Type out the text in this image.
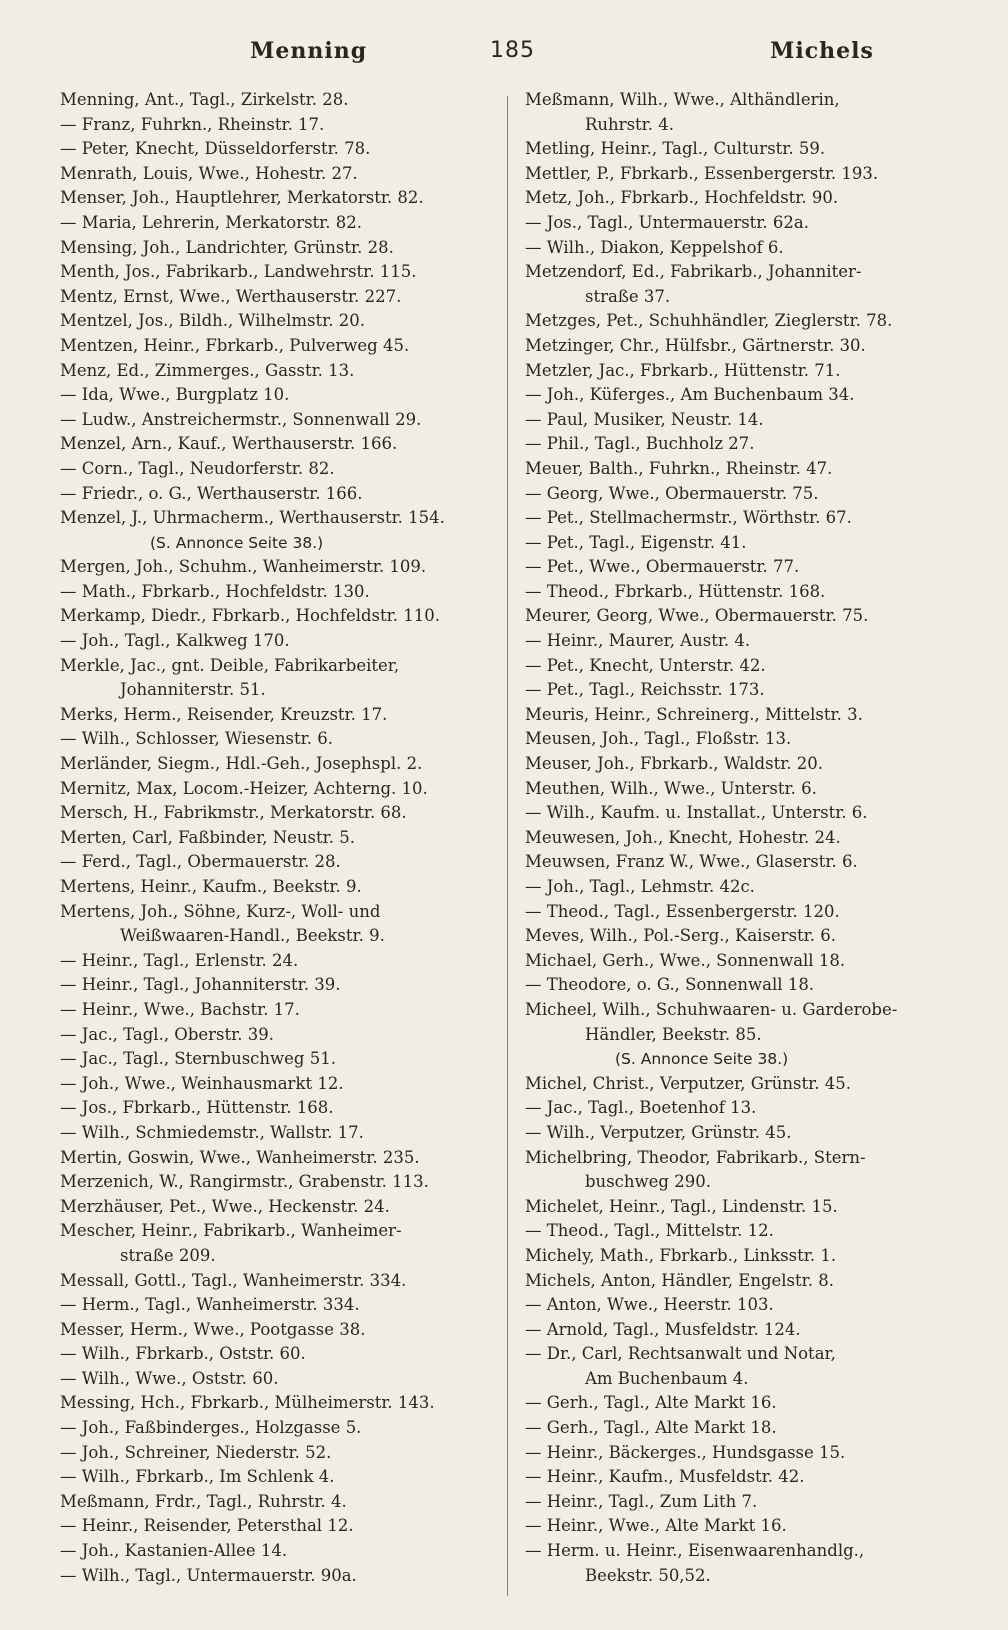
Menning	185	Michels
Menning, Ant., Tagl., Zirkelstr. 28.
— Franz, Fuhrkn., Rheinstr. 17.
— Peter, Knecht, Düsseldorferstr. 78.
Menrath, Louis, Wwe., Hohestr. 27.
Menser, Joh., Hauptlehrer, Merkatorstr. 82.
— Maria, Lehrerin, Merkatorstr. 82.
Mensing, Joh., Landrichter, Grünstr. 28.
Menth, Jos., Fabrikarb., Landwehrstr. 115.
Mentz, Ernst, Wwe., Werthauserstr. 227.
Mentzel, Jos., Bildh., Wilhelmstr. 20.
Mentzen, Heinr., Fbrkarb., Pulverweg 45.
Menz, Ed., Zimmerges., Gasstr. 13.
— Ida, Wwe., Burgplatz 10.
— Ludw., Anstreichermstr., Sonnenwall 29.
Menzel, Arn., Kauf., Werthauserstr. 166.
— Corn., Tagl., Neudorferstr. 82.
— Friedr., o. G., Werthauserstr. 166.
Menzel, J., Uhrmacherm., Werthauserstr. 154.
(S. Annonce Seite 38.)
Mergen, Joh., Schuhm., Wanheimerstr. 109.
— Math., Fbrkarb., Hochfeldstr. 130.
Merkamp, Diedr., Fbrkarb., Hochfeldstr. 110.
— Joh., Tagl., Kalkweg 170.
Merkle, Jac., gnt. Deible, Fabrikarbeiter,
Johanniterstr. 51.
Merks, Herm., Reisender, Kreuzstr. 17.
— Wilh., Schlosser, Wiesenstr. 6.
Merländer, Siegm., Hdl.-Geh., Josephspl. 2.
Mernitz, Max, Locom.-Heizer, Achterng. 10.
Mersch, H., Fabrikmstr., Merkatorstr. 68.
Merten, Carl, Faßbinder, Neustr. 5.
— Ferd., Tagl., Obermauerstr. 28.
Mertens, Heinr., Kaufm., Beekstr. 9.
Mertens, Joh., Söhne, Kurz-, Woll- und
Weißwaaren-Handl., Beekstr. 9.
— Heinr., Tagl., Erlenstr. 24.
— Heinr., Tagl., Johanniterstr. 39.
— Heinr., Wwe., Bachstr. 17.
— Jac., Tagl., Oberstr. 39.
— Jac., Tagl., Sternbuschweg 51.
— Joh., Wwe., Weinhausmarkt 12.
— Jos., Fbrkarb., Hüttenstr. 168.
— Wilh., Schmiedemstr., Wallstr. 17.
Mertin, Goswin, Wwe., Wanheimerstr. 235.
Merzenich, W., Rangirmstr., Grabenstr. 113.
Merzhäuser, Pet., Wwe., Heckenstr. 24.
Mescher, Heinr., Fabrikarb., Wanheimer-
straße 209.
Messall, Gottl., Tagl., Wanheimerstr. 334.
— Herm., Tagl., Wanheimerstr. 334.
Messer, Herm., Wwe., Pootgasse 38.
— Wilh., Fbrkarb., Oststr. 60.
— Wilh., Wwe., Oststr. 60.
Messing, Hch., Fbrkarb., Mülheimerstr. 143.
— Joh., Faßbinderges., Holzgasse 5.
— Joh., Schreiner, Niederstr. 52.
— Wilh., Fbrkarb., Im Schlenk 4.
Meßmann, Frdr., Tagl., Ruhrstr. 4.
— Heinr., Reisender, Petersthal 12.
— Joh., Kastanien-Allee 14.
— Wilh., Tagl., Untermauerstr. 90a.
Meßmann, Wilh., Wwe., Althändlerin,
Ruhrstr. 4.
Metling, Heinr., Tagl., Culturstr. 59.
Mettler, P., Fbrkarb., Essenbergerstr. 193.
Metz, Joh., Fbrkarb., Hochfeldstr. 90.
— Jos., Tagl., Untermauerstr. 62a.
— Wilh., Diakon, Keppelshof 6.
Metzendorf, Ed., Fabrikarb., Johanniter-
straße 37.
Metzges, Pet., Schuhhändler, Zieglerstr. 78.
Metzinger, Chr., Hülfsbr., Gärtnerstr. 30.
Metzler, Jac., Fbrkarb., Hüttenstr. 71.
— Joh., Küferges., Am Buchenbaum 34.
— Paul, Musiker, Neustr. 14.
— Phil., Tagl., Buchholz 27.
Meuer, Balth., Fuhrkn., Rheinstr. 47.
— Georg, Wwe., Obermauerstr. 75.
— Pet., Stellmachermstr., Wörthstr. 67.
— Pet., Tagl., Eigenstr. 41.
— Pet., Wwe., Obermauerstr. 77.
— Theod., Fbrkarb., Hüttenstr. 168.
Meurer, Georg, Wwe., Obermauerstr. 75.
— Heinr., Maurer, Austr. 4.
— Pet., Knecht, Unterstr. 42.
— Pet., Tagl., Reichsstr. 173.
Meuris, Heinr., Schreinerg., Mittelstr. 3.
Meusen, Joh., Tagl., Floßstr. 13.
Meuser, Joh., Fbrkarb., Waldstr. 20.
Meuthen, Wilh., Wwe., Unterstr. 6.
— Wilh., Kaufm. u. Installat., Unterstr. 6.
Meuwesen, Joh., Knecht, Hohestr. 24.
Meuwsen, Franz W., Wwe., Glaserstr. 6.
— Joh., Tagl., Lehmstr. 42c.
— Theod., Tagl., Essenbergerstr. 120.
Meves, Wilh., Pol.-Serg., Kaiserstr. 6.
Michael, Gerh., Wwe., Sonnenwall 18.
— Theodore, o. G., Sonnenwall 18.
Micheel, Wilh., Schuhwaaren- u. Garderobe-
Händler, Beekstr. 85.
(S. Annonce Seite 38.)
Michel, Christ., Verputzer, Grünstr. 45.
— Jac., Tagl., Boetenhof 13.
— Wilh., Verputzer, Grünstr. 45.
Michelbring, Theodor, Fabrikarb., Stern-
buschweg 290.
Michelet, Heinr., Tagl., Lindenstr. 15.
— Theod., Tagl., Mittelstr. 12.
Michely, Math., Fbrkarb., Linksstr. 1.
Michels, Anton, Händler, Engelstr. 8.
— Anton, Wwe., Heerstr. 103.
— Arnold, Tagl., Musfeldstr. 124.
— Dr., Carl, Rechtsanwalt und Notar,
Am Buchenbaum 4.
— Gerh., Tagl., Alte Markt 16.
— Gerh., Tagl., Alte Markt 18.
— Heinr., Bäckerges., Hundsgasse 15.
— Heinr., Kaufm., Musfeldstr. 42.
— Heinr., Tagl., Zum Lith 7.
— Heinr., Wwe., Alte Markt 16.
— Herm. u. Heinr., Eisenwaarenhandlg.,
Beekstr. 50,52.
